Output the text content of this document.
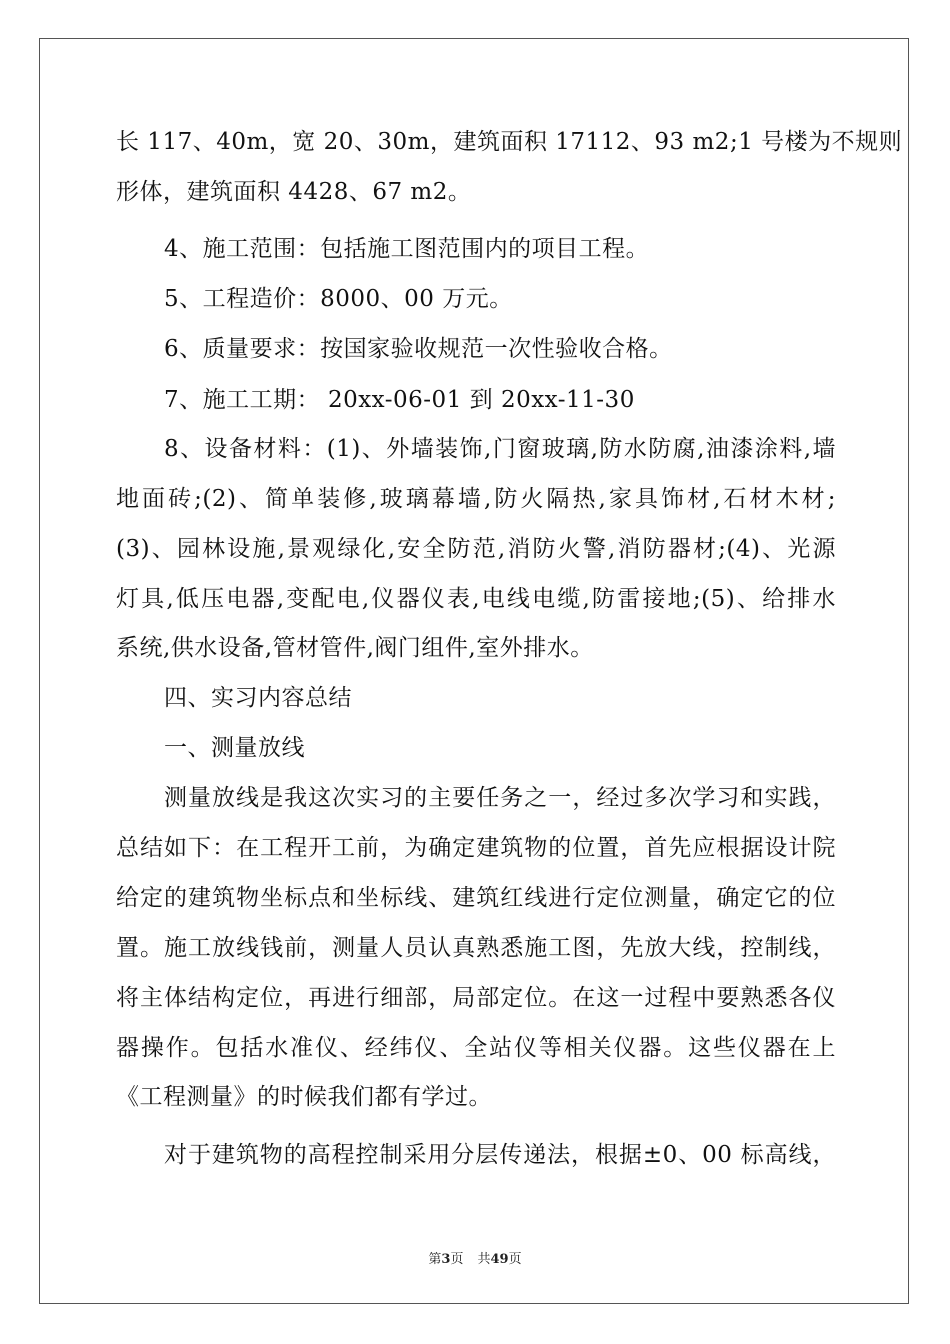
长 117、40m，宽 20、30m，建筑面积 17112、93 m2;1 号楼为不规则
形体，建筑面积 4428、67 m2。
4、施工范围：包括施工图范围内的项目工程。
5、工程造价：8000、00 万元。
6、质量要求：按国家验收规范一次性验收合格。
7、施工工期： 20xx-06-01 到 20xx-11-30
8、设备材料：(1)、外墙装饰,门窗玻璃,防水防腐,油漆涂料,墙
地面砖;(2)、简单装修,玻璃幕墙,防火隔热,家具饰材,石材木材;
(3)、园林设施,景观绿化,安全防范,消防火警,消防器材;(4)、光源
灯具,低压电器,变配电,仪器仪表,电线电缆,防雷接地;(5)、给排水
系统,供水设备,管材管件,阀门组件,室外排水。
四、实习内容总结
一、测量放线
测量放线是我这次实习的主要任务之一，经过多次学习和实践，
总结如下：在工程开工前，为确定建筑物的位置，首先应根据设计院
给定的建筑物坐标点和坐标线、建筑红线进行定位测量，确定它的位
置。施工放线钱前，测量人员认真熟悉施工图，先放大线，控制线，
将主体结构定位，再进行细部，局部定位。在这一过程中要熟悉各仪
器操作。包括水准仪、经纬仪、全站仪等相关仪器。这些仪器在上
《工程测量》的时候我们都有学过。
对于建筑物的高程控制采用分层传递法，根据±0、00 标高线，
第3页 共49页
